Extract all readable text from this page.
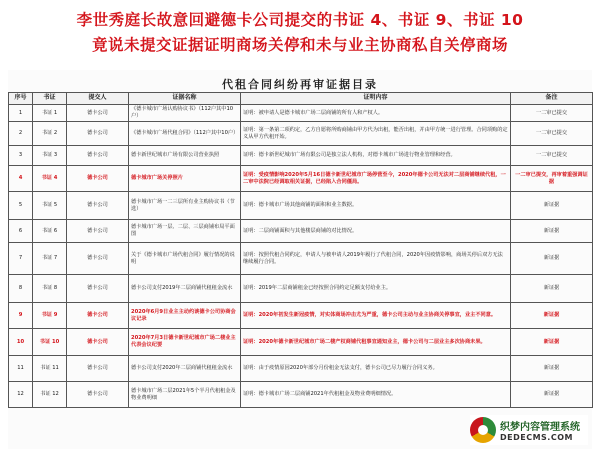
李世秀庭长故意回避德卡公司提交的书证 4、书证 9、书证 10
竟说未提交证据证明商场关停和未与业主协商私自关停商场
代租合同纠纷再审证据目录
序号	书证	提交人	证据名称	证明内容	备注
1	书证 1	德卡公司	《德卡城市广场认购协议书》（112户其中10户）	证明：被申请人是德卡城市广场二层商铺的所有人和产权人。	一二审已提交
2	书证 2	德卡公司	《德卡城市广场代租合同》（112户其中10户）	证明：第一条第二项约定，乙方自愿将所购商铺由甲方代为出租，能否出租，并由甲方统一进行管理。合同项购的定义从甲方代租开始。	一二审已提交
3	书证 3	德卡公司	德卡新世纪城市广场有限公司营业执照	证明：德卡新世纪城市广场有限公司是独立法人机构，对德卡城市广场进行物业管理和经营。	一二审已提交
4	书证 4	德卡公司	德卡城市广场关停照片	证明：受疫情影响2020年5月16日德卡新世纪城市广场停营至今，2020年德卡公司无法对二层商铺继续代租，一二审中法院已经调取相关证据，已经陷入合同僵局。	一二审已提交，再审着重强调证据
5	书证 5	德卡公司	德卡城市广场一二三层所有业主购协议书（节选）	证明：德卡城市广场其他商铺的面积和业主数据。	新证据
6	书证 6	德卡公司	德卡城市广场一层、二层、三层商铺布局平面图	证明：二层商铺面积与其他楼层商铺的对比情况。	新证据
7	书证 7	德卡公司	关于《德卡城市广场代租合同》履行情况的说明	证明：按照代租合同约定，申请人与被申请人2019年履行了代租合同，2020年因疫情影响，商场关停后双方无法继续履行合同。	新证据
8	书证 8	德卡公司	德卡公司支付2019年二层商铺代租租金流水	证明：2019年二层商铺租金已经按照合同约定足额支付给业主。	新证据
9	书证 9	德卡公司	2020年6月9日业主主动约谈德卡公司协商会议记录	证明：2020年初发生新冠疫情，对实体商场冲击尤为严重，德卡公司主动与业主协商关停事宜，业主不同意。	新证据
10	书证 10	德卡公司	2020年7月3日德卡新世纪城市广场二楼业主代表会议纪要	证明：2020年德卡新世纪城市广场二楼产权商铺代租事宜通知业主，德卡公司与二层业主多次协商未果。	新证据
11	书证 11	德卡公司	德卡公司支付2020年二层商铺代租租金流水	证明：由于疫情原因2020年部分月份租金无法支付，德卡公司已尽力履行合同义务。	新证据
12	书证 12	德卡公司	德卡城市广场二层2021年5个半月代租租金及物业费明细	证明：德卡城市广场二层商铺2021年代租租金及物业费明细情况。	新证据
织梦内容管理系统
DEDECMS.COM
